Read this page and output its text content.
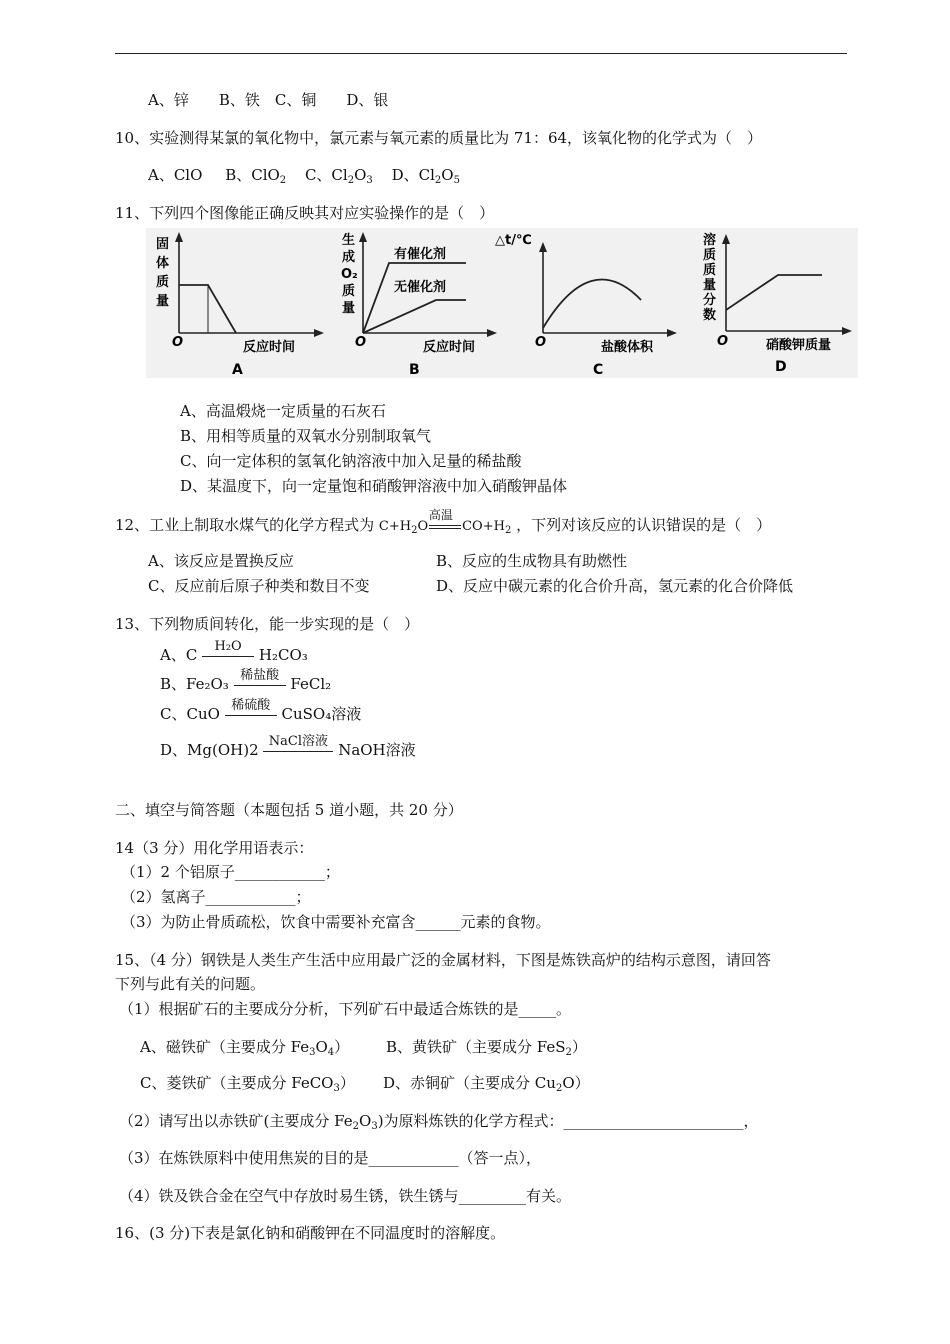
A、锌　　B、铁　C、铜　　D、银
10、实验测得某氯的氧化物中，氯元素与氧元素的质量比为 71：64，该氧化物的化学式为（　）
A、ClO B、ClO$_2$ C、$Cl_2O_3$ D、$Cl_2O_5$
11、下列四个图像能正确反映其对应实验操作的是（　）
固
体
质
量
O	反应时间
A
生
成
O₂
质
量
有催化剂
无催化剂
O	反应时间
B
△t/℃
O	盐酸体积
C
溶
质
质
量
分
数
O	硝酸钾质量
D
A、高温煅烧一定质量的石灰石
B、用相等质量的双氧水分别制取氧气
C、向一定体积的氢氧化钠溶液中加入足量的稀盐酸
D、某温度下，向一定量饱和硝酸钾溶液中加入硝酸钾晶体
12、工业上制取水煤气的化学方程式为 $C+H_2O$	$CO+H_2$
高温
，下列对该反应的认识错误的是（　）
A、该反应是置换反应	B、反应的生成物具有助燃性
C、反应前后原子种类和数目不变	D、反应中碳元素的化合价升高，氢元素的化合价降低
13、下列物质间转化，能一步实现的是（　）
A、C	H₂O	H₂CO₃
B、Fe₂O₃ 稀盐酸 FeCl₂
C、CuO 稀硫酸 CuSO₄溶液
D、Mg(OH)2 NaCl溶液 NaOH溶液
二、填空与简答题（本题包括 5 道小题，共 20 分）
14（3 分）用化学用语表示：
（1）2 个铝原子____________；
（2）氢离子____________；
（3）为防止骨质疏松，饮食中需要补充富含______元素的食物。
15、（4 分）钢铁是人类生产生活中应用最广泛的金属材料，下图是炼铁高炉的结构示意图，请回答
下列与此有关的问题。
（1）根据矿石的主要成分分析，下列矿石中最适合炼铁的是_____。
A、磁铁矿（主要成分 $Fe_3O_4$） B、黄铁矿（主要成分 FeS$_2$）
C、菱铁矿（主要成分 FeCO$_3$） D、赤铜矿（主要成分 $Cu_2O$）
（2）请写出以赤铁矿(主要成分 $Fe_2O_3$)为原料炼铁的化学方程式：________________________，
（3）在炼铁原料中使用焦炭的目的是____________（答一点），
（4）铁及铁合金在空气中存放时易生锈，铁生锈与_________有关。
16、(3 分)下表是氯化钠和硝酸钾在不同温度时的溶解度。
